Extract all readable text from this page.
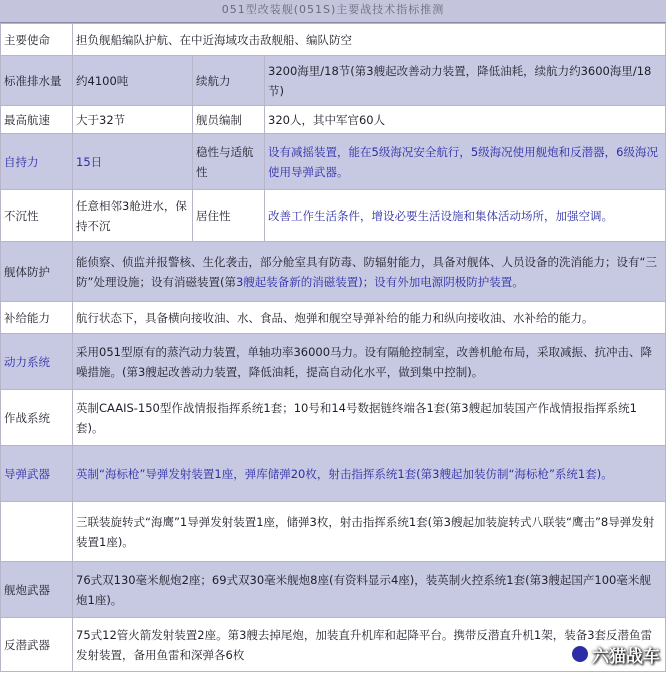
051型改装舰(051S)主要战技术指标推测
主要使命	担负舰船编队护航、在中近海域攻击敌舰船、编队防空		
标准排水量	约4100吨	续航力	3200海里/18节(第3艘起改善动力装置，降低油耗，续航力约3600海里/18节)
最高航速	大于32节	舰员编制	320人，其中军官60人
自持力	15日	稳性与适航性	设有减摇装置，能在5级海况安全航行，5级海况使用舰炮和反潜器，6级海况使用导弹武器。
不沉性	任意相邻3舱进水，保持不沉	居住性	改善工作生活条件，增设必要生活设施和集体活动场所，加强空调。
舰体防护	能侦察、侦监并报警核、生化袭击，部分舱室具有防毒、防辐射能力，具备对舰体、人员设备的洗消能力；设有“三防”处理设施；设有消磁装置(第3艘起装备新的消磁装置)；设有外加电源阴极防护装置。		
补给能力	航行状态下，具备横向接收油、水、食品、炮弹和舰空导弹补给的能力和纵向接收油、水补给的能力。		
动力系统	采用051型原有的蒸汽动力装置，单轴功率36000马力。设有隔舱控制室，改善机舱布局，采取减振、抗冲击、降噪措施。(第3艘起改善动力装置，降低油耗，提高自动化水平，做到集中控制)。		
作战系统	英制CAAIS-150型作战情报指挥系统1套；10号和14号数据链终端各1套(第3艘起加装国产作战情报指挥系统1套)。		
导弹武器	英制“海标枪”导弹发射装置1座，弹库储弹20枚，射击指挥系统1套(第3艘起加装仿制“海标枪”系统1套)。		
	三联装旋转式“海鹰”1导弹发射装置1座，储弹3枚，射击指挥系统1套(第3艘起加装旋转式八联装“鹰击”8导弹发射装置1座)。		
舰炮武器	76式双130毫米舰炮2座；69式双30毫米舰炮8座(有资料显示4座)，装英制火控系统1套(第3艘起国产100毫米舰炮1座)。		
反潜武器	75式12管火箭发射装置2座。第3艘去掉尾炮，加装直升机库和起降平台。携带反潜直升机1架，装备3套反潜鱼雷发射装置，备用鱼雷和深弹各6枚			六猫战车
